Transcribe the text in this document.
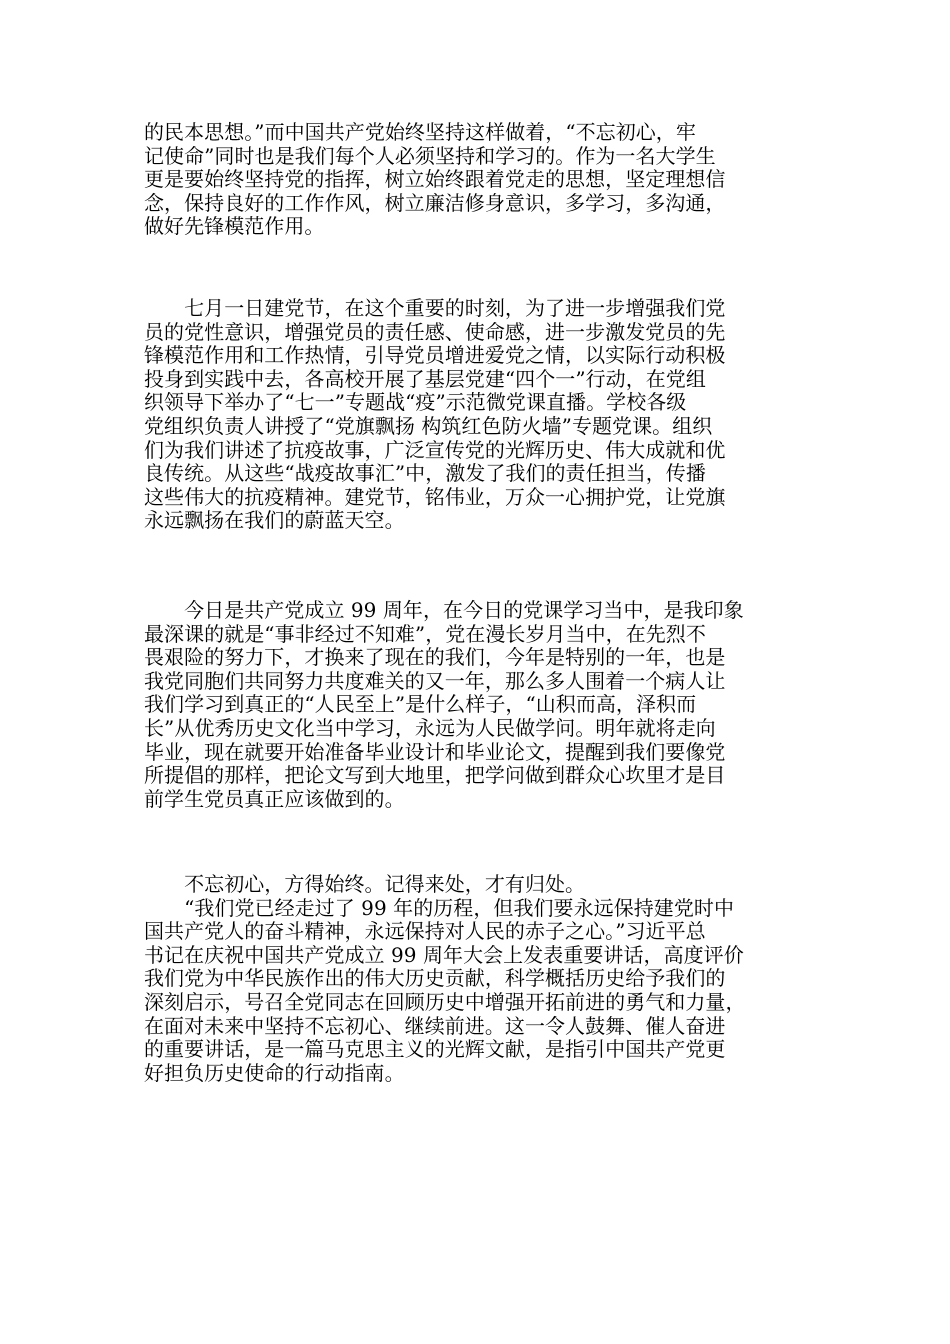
的民本思想。”而中国共产党始终坚持这样做着，“不忘初心，牢
记使命”同时也是我们每个人必须坚持和学习的。作为一名大学生
更是要始终坚持党的指挥，树立始终跟着党走的思想，坚定理想信
念，保持良好的工作作风，树立廉洁修身意识，多学习，多沟通，
做好先锋模范作用。

　　七月一日建党节，在这个重要的时刻，为了进一步增强我们党
员的党性意识，增强党员的责任感、使命感，进一步激发党员的先
锋模范作用和工作热情，引导党员增进爱党之情，以实际行动积极
投身到实践中去，各高校开展了基层党建“四个一”行动，在党组
织领导下举办了“七一”专题战“疫”示范微党课直播。学校各级
党组织负责人讲授了“党旗飘扬 构筑红色防火墙”专题党课。组织
们为我们讲述了抗疫故事，广泛宣传党的光辉历史、伟大成就和优
良传统。从这些“战疫故事汇”中，激发了我们的责任担当，传播
这些伟大的抗疫精神。建党节，铭伟业，万众一心拥护党，让党旗
永远飘扬在我们的蔚蓝天空。

　　今日是共产党成立 99 周年，在今日的党课学习当中，是我印象
最深课的就是“事非经过不知难”，党在漫长岁月当中，在先烈不
畏艰险的努力下，才换来了现在的我们，今年是特别的一年，也是
我党同胞们共同努力共度难关的又一年，那么多人围着一个病人让
我们学习到真正的“人民至上”是什么样子，“山积而高，泽积而
长”从优秀历史文化当中学习，永远为人民做学问。明年就将走向
毕业，现在就要开始准备毕业设计和毕业论文，提醒到我们要像党
所提倡的那样，把论文写到大地里，把学问做到群众心坎里才是目
前学生党员真正应该做到的。

　　不忘初心，方得始终。记得来处，才有归处。
　　“我们党已经走过了 99 年的历程，但我们要永远保持建党时中
国共产党人的奋斗精神，永远保持对人民的赤子之心。”习近平总
书记在庆祝中国共产党成立 99 周年大会上发表重要讲话，高度评价
我们党为中华民族作出的伟大历史贡献，科学概括历史给予我们的
深刻启示，号召全党同志在回顾历史中增强开拓前进的勇气和力量，
在面对未来中坚持不忘初心、继续前进。这一令人鼓舞、催人奋进
的重要讲话，是一篇马克思主义的光辉文献，是指引中国共产党更
好担负历史使命的行动指南。
